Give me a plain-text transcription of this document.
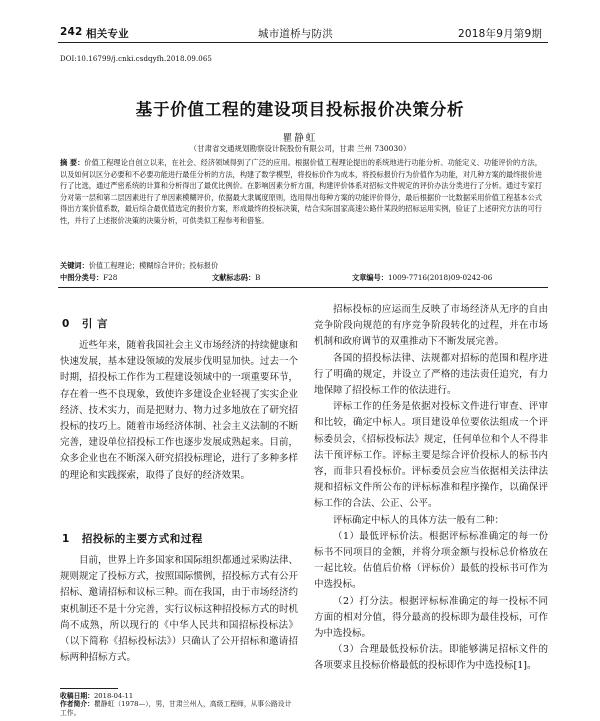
242 相关专业	城市道桥与防洪	2018年9月第9期
DOI:10.16799/j.cnki.csdqyfh.2018.09.065
基于价值工程的建设项目投标报价决策分析
瞿静虹
（甘肃省交通规划勘察设计院股份有限公司，甘肃 兰州 730030）
摘 要：价值工程理论自创立以来，在社会、经济领域得到了广泛的应用。根据价值工程理论提出的系统地进行功能分析、功能定义、功能评价的方法，以及如何以区分必要和不必要功能进行最佳分析的方法，构建了数学模型，将投标价作为成本，将投标报价行为价值作为功能，对几种方案的最终报价进行了比选，通过严密系统的计算和分析得出了最优比例价。在影响因素分析方面，构建评价体系对招标文件规定的评价办法分类进行了分析。通过专家打分对第一层和第二层因素进行了单因素模糊评价，依据最大隶属度原则，选用得出每种方案的功能评价得分，最后根据价一比数据采用价值工程基本公式得出方案价值系数，最后综合最优值选定的报价方案，形成最终的投标决策，结合实际国家高速公路什某段的招标运用实例，验证了上述研究方法的可行性，并行了上述报价决策的决策分析，可供类似工程参考和借鉴。
关键词：价值工程理论；模糊综合评价；投标报价
中图分类号：F28	文献标志码：B	文章编号：1009-7716(2018)09-0242-06
0 引 言

近些年来，随着我国社会主义市场经济的持续健康和快速发展，基本建设领域的发展步伐明显加快。过去一个时期，招投标工作作为工程建设领域中的一项重要环节，存在着一些不良现象，致使许多建设企业轻视了实实企业经济、技术实力，而是把财力、物力过多地放在了研究招投标的技巧上。随着市场经济体制、社会主义法制的不断完善，建设单位招投标工作也逐步发展成熟起来。目前，众多企业也在不断深入研究招投标理论，进行了多种多样的理论和实践探索，取得了良好的经济效果。

1 招投标的主要方式和过程

目前，世界上许多国家和国际组织都通过采购法律、规则规定了投标方式，按照国际惯例，招投标方式有公开招标、邀请招标和议标三种。而在我国，由于市场经济约束机制还不是十分完善，实行议标这种招投标方式的时机尚不成熟，所以现行的《中华人民共和国招标投标法》（以下简称《招标投标法》）只确认了公开招标和邀请招标两种招标方式。

收稿日期：2018-04-11
作者简介：瞿静虹（1978—），男，甘肃兰州人，高级工程师，从事公路设计工作。

招标投标的应运而生反映了市场经济从无序的自由竞争阶段向规范的有序竞争阶段转化的过程，并在市场机制和政府调节的双重推动下不断发展完善。

各国的招投标法律、法规都对招标的范围和程序进行了明确的规定，并设立了严格的违法责任追究，有力地保障了招投标工作的依法进行。

评标工作的任务是依据对投标文件进行审查、评审和比较，确定中标人。项目建设单位要依法组成一个评标委员会，《招标投标法》规定，任何单位和个人不得非法干预评标工作。评标主要是综合评价投标人的标书内容，而非只看投标价。评标委员会应当依据相关法律法规和招标文件所公布的评标标准和程序操作，以确保评标工作的合法、公正、公平。

评标确定中标人的具体方法一般有二种：

（1）最低评标价法。根据评标标准确定的每一份标书不同项目的金额，并将分项金额与投标总价格放在一起比较。估值后价格（评标价）最低的投标书可作为中选投标。

（2）打分法。根据评标标准确定的每一投标不同方面的相对分值，得分最高的投标即为最佳投标，可作为中选投标。

（3）合理最低投标价法。即能够满足招标文件的各项要求且投标价格最低的投标即作为中选投标[1]。
